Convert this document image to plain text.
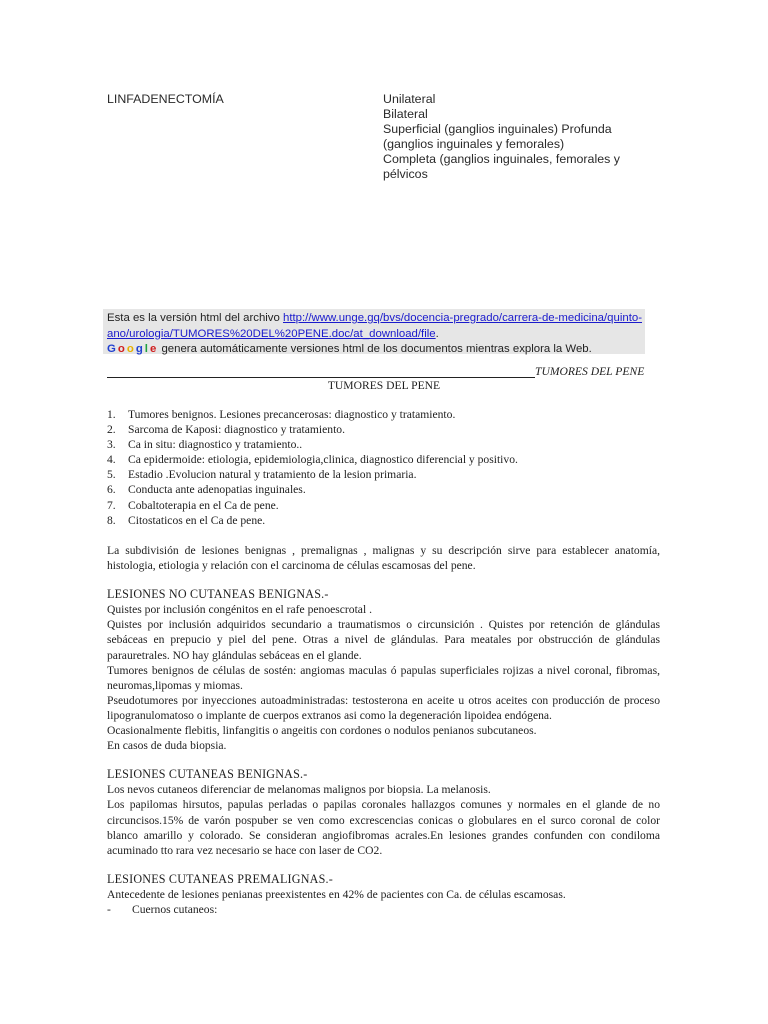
LINFADENECTOMÍA	Unilateral
Bilateral
Superficial (ganglios inguinales) Profunda
(ganglios inguinales y femorales)
Completa (ganglios inguinales, femorales y
pélvicos
Esta es la versión html del archivo http://www.unge.gq/bvs/docencia-pregrado/carrera-de-medicina/quinto-
ano/urologia/TUMORES%20DEL%20PENE.doc/at_download/file.
Google genera automáticamente versiones html de los documentos mientras explora la Web.
TUMORES DEL PENE
TUMORES DEL PENE
1.	Tumores benignos. Lesiones precancerosas: diagnostico y tratamiento.
2.	Sarcoma de Kaposi: diagnostico y tratamiento.
3.	Ca in situ: diagnostico y tratamiento..
4.	Ca epidermoide: etiologia, epidemiologia,clinica, diagnostico diferencial y positivo.
5.	Estadio .Evolucion natural y tratamiento de la lesion primaria.
6.	Conducta ante adenopatias inguinales.
7.	Cobaltoterapia en el Ca de pene.
8.	Citostaticos en el Ca de pene.

La subdivisión de lesiones benignas , premalignas , malignas y su descripción sirve para establecer anatomía, histologia, etiologia y relación con el carcinoma de células escamosas del pene.

LESIONES NO CUTANEAS BENIGNAS.-

Quistes por inclusión congénitos en el rafe penoescrotal .

Quistes por inclusión adquiridos secundario a traumatismos o circunsición . Quistes por retención de glándulas sebáceas en prepucio y piel del pene. Otras a nivel de glándulas. Para meatales por obstrucción de glándulas parauretrales. NO hay glándulas sebáceas en el glande.

Tumores benignos de células de sostén: angiomas maculas ó papulas superficiales rojizas a nivel coronal, fibromas, neuromas,lipomas y miomas.

Pseudotumores por inyecciones autoadministradas: testosterona en aceite u otros aceites con producción de proceso lipogranulomatoso o implante de cuerpos extranos asi como la degeneración lipoidea endógena.

Ocasionalmente flebitis, linfangitis o angeitis con cordones o nodulos penianos subcutaneos.

En casos de duda biopsia.

LESIONES CUTANEAS BENIGNAS.-

Los nevos cutaneos diferenciar de melanomas malignos por biopsia. La melanosis.

Los papilomas hirsutos, papulas perladas o papilas coronales hallazgos comunes y normales en el glande de no circuncisos.15% de varón pospuber se ven como excrescencias conicas o globulares en el surco coronal de color blanco amarillo y colorado. Se consideran angiofibromas acrales.En lesiones grandes confunden con condiloma acuminado tto rara vez necesario se hace con laser de CO2.

LESIONES CUTANEAS PREMALIGNAS.-

Antecedente de lesiones penianas preexistentes en 42% de pacientes con Ca. de células escamosas.

-	Cuernos cutaneos:
